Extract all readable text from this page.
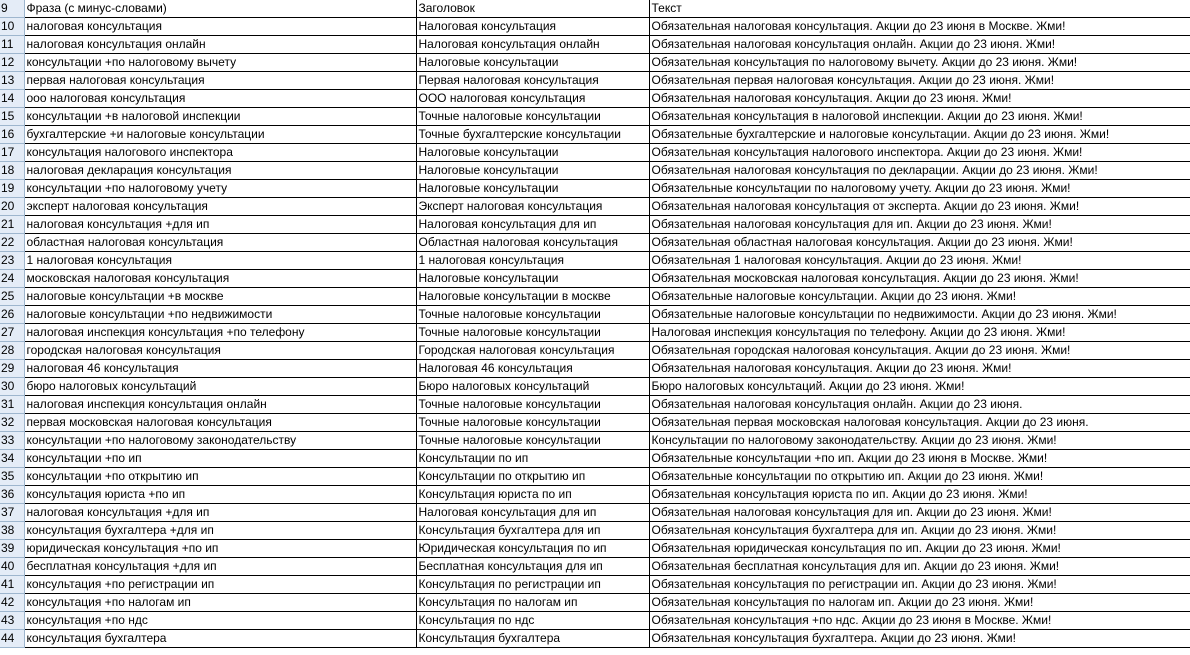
9	Фраза (с минус-словами)	Заголовок	Текст
10	налоговая консультация	Налоговая консультация	Обязательная налоговая консультация. Акции до 23 июня в Москве. Жми!
11	налоговая консультация онлайн	Налоговая консультация онлайн	Обязательная налоговая консультация онлайн. Акции до 23 июня. Жми!
12	консультации +по налоговому вычету	Налоговые консультации	Обязательная консультация по налоговому вычету. Акции до 23 июня. Жми!
13	первая налоговая консультация	Первая налоговая консультация	Обязательная первая налоговая консультация. Акции до 23 июня. Жми!
14	ооо налоговая консультация	ООО налоговая консультация	Обязательная налоговая консультация. Акции до 23 июня. Жми!
15	консультации +в налоговой инспекции	Точные налоговые консультации	Обязательная консультация в налоговой инспекции. Акции до 23 июня. Жми!
16	бухгалтерские +и налоговые консультации	Точные бухгалтерские консультации	Обязательные бухгалтерские и налоговые консультации. Акции до 23 июня. Жми!
17	консультация налогового инспектора	Налоговые консультации	Обязательная консультация налогового инспектора. Акции до 23 июня. Жми!
18	налоговая декларация консультация	Налоговые консультации	Обязательная налоговая консультация по декларации. Акции до 23 июня. Жми!
19	консультации +по налоговому учету	Налоговые консультации	Обязательные консультации по налоговому учету. Акции до 23 июня. Жми!
20	эксперт налоговая консультация	Эксперт налоговая консультация	Обязательная налоговая консультация от эксперта. Акции до 23 июня. Жми!
21	налоговая консультация +для ип	Налоговая консультация для ип	Обязательная налоговая консультация для ип. Акции до 23 июня. Жми!
22	областная налоговая консультация	Областная налоговая консультация	Обязательная областная налоговая консультация. Акции до 23 июня. Жми!
23	1 налоговая консультация	1 налоговая консультация	Обязательная 1 налоговая консультация. Акции до 23 июня. Жми!
24	московская налоговая консультация	Налоговые консультации	Обязательная московская налоговая консультация. Акции до 23 июня. Жми!
25	налоговые консультации +в москве	Налоговые консультации в москве	Обязательные налоговые консультации. Акции до 23 июня. Жми!
26	налоговые консультации +по недвижимости	Точные налоговые консультации	Обязательные налоговые консультации по недвижимости. Акции до 23 июня. Жми!
27	налоговая инспекция консультация +по телефону	Точные налоговые консультации	Налоговая инспекция консультация по телефону. Акции до 23 июня. Жми!
28	городская налоговая консультация	Городская налоговая консультация	Обязательная городская налоговая консультация. Акции до 23 июня. Жми!
29	налоговая 46 консультация	Налоговая 46 консультация	Обязательная налоговая консультация. Акции до 23 июня. Жми!
30	бюро налоговых консультаций	Бюро налоговых консультаций	Бюро налоговых консультаций. Акции до 23 июня. Жми!
31	налоговая инспекция консультация онлайн	Точные налоговые консультации	Обязательная налоговая консультация онлайн. Акции до 23 июня.
32	первая московская налоговая консультация	Точные налоговые консультации	Обязательная первая московская налоговая консультация. Акции до 23 июня.
33	консультации +по налоговому законодательству	Точные налоговые консультации	Консультации по налоговому законодательству. Акции до 23 июня. Жми!
34	консультации +по ип	Консультации по ип	Обязательные консультации +по ип. Акции до 23 июня в Москве. Жми!
35	консультации +по открытию ип	Консультации по открытию ип	Обязательные консультации по открытию ип. Акции до 23 июня. Жми!
36	консультация юриста +по ип	Консультация юриста по ип	Обязательная консультация юриста по ип. Акции до 23 июня. Жми!
37	налоговая консультация +для ип	Налоговая консультация для ип	Обязательная налоговая консультация для ип. Акции до 23 июня. Жми!
38	консультация бухгалтера +для ип	Консультация бухгалтера для ип	Обязательная консультация бухгалтера для ип. Акции до 23 июня. Жми!
39	юридическая консультация +по ип	Юридическая консультация по ип	Обязательная юридическая консультация по ип. Акции до 23 июня. Жми!
40	бесплатная консультация +для ип	Бесплатная консультация для ип	Обязательная бесплатная консультация для ип. Акции до 23 июня. Жми!
41	консультация +по регистрации ип	Консультация по регистрации ип	Обязательная консультация по регистрации ип. Акции до 23 июня. Жми!
42	консультация +по налогам ип	Консультация по налогам ип	Обязательная консультация по налогам ип. Акции до 23 июня. Жми!
43	консультация +по ндс	Консультация по ндс	Обязательная консультация +по ндс. Акции до 23 июня в Москве. Жми!
44	консультация бухгалтера	Консультация бухгалтера	Обязательная консультация бухгалтера. Акции до 23 июня. Жми!
